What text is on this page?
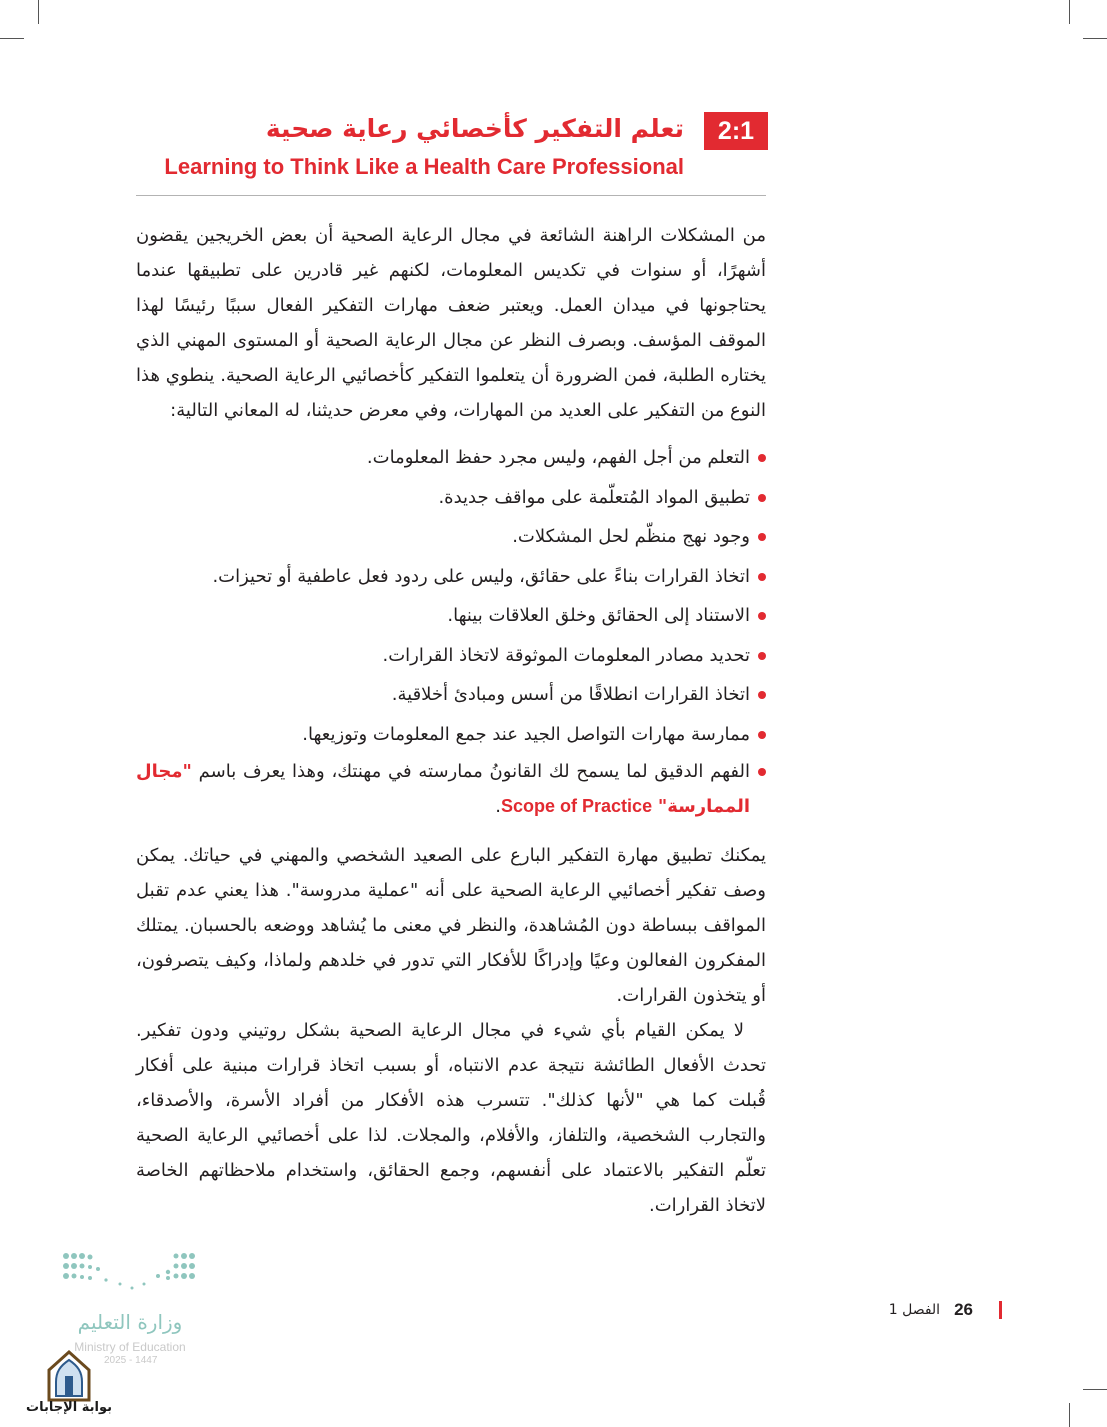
2:1
تعلم التفكير كأخصائي رعاية صحية
Learning to Think Like a Health Care Professional

من المشكلات الراهنة الشائعة في مجال الرعاية الصحية أن بعض الخريجين يقضون أشهرًا، أو سنوات في تكديس المعلومات، لكنهم غير قادرين على تطبيقها عندما يحتاجونها في ميدان العمل. ويعتبر ضعف مهارات التفكير الفعال سببًا رئيسًا لهذا الموقف المؤسف. وبصرف النظر عن مجال الرعاية الصحية أو المستوى المهني الذي يختاره الطلبة، فمن الضرورة أن يتعلموا التفكير كأخصائيي الرعاية الصحية. ينطوي هذا النوع من التفكير على العديد من المهارات، وفي معرض حديثنا، له المعاني التالية:

التعلم من أجل الفهم، وليس مجرد حفظ المعلومات.
تطبيق المواد المُتعلّمة على مواقف جديدة.
وجود نهج منظّم لحل المشكلات.
اتخاذ القرارات بناءً على حقائق، وليس على ردود فعل عاطفية أو تحيزات.
الاستناد إلى الحقائق وخلق العلاقات بينها.
تحديد مصادر المعلومات الموثوقة لاتخاذ القرارات.
اتخاذ القرارات انطلاقًا من أسس ومبادئ أخلاقية.
ممارسة مهارات التواصل الجيد عند جمع المعلومات وتوزيعها.
الفهم الدقيق لما يسمح لك القانونُ ممارسته في مهنتك، وهذا يعرف باسم "مجال الممارسة" Scope of Practice.

يمكنك تطبيق مهارة التفكير البارع على الصعيد الشخصي والمهني في حياتك. يمكن وصف تفكير أخصائيي الرعاية الصحية على أنه "عملية مدروسة". هذا يعني عدم تقبل المواقف ببساطة دون المُشاهدة، والنظر في معنى ما يُشاهد ووضعه بالحسبان. يمتلك المفكرون الفعالون وعيًا وإدراكًا للأفكار التي تدور في خلدهم ولماذا، وكيف يتصرفون، أو يتخذون القرارات.

لا يمكن القيام بأي شيء في مجال الرعاية الصحية بشكل روتيني ودون تفكير. تحدث الأفعال الطائشة نتيجة عدم الانتباه، أو بسبب اتخاذ قرارات مبنية على أفكار قُبلت كما هي "لأنها كذلك". تتسرب هذه الأفكار من أفراد الأسرة، والأصدقاء، والتجارب الشخصية، والتلفاز، والأفلام، والمجلات. لذا على أخصائيي الرعاية الصحية تعلّم التفكير بالاعتماد على أنفسهم، وجمع الحقائق، واستخدام ملاحظاتهم الخاصة لاتخاذ القرارات.

وزارة التعليم
Ministry of Education
2025 - 1447
بوابة الإجابات
الفصل 1 26
